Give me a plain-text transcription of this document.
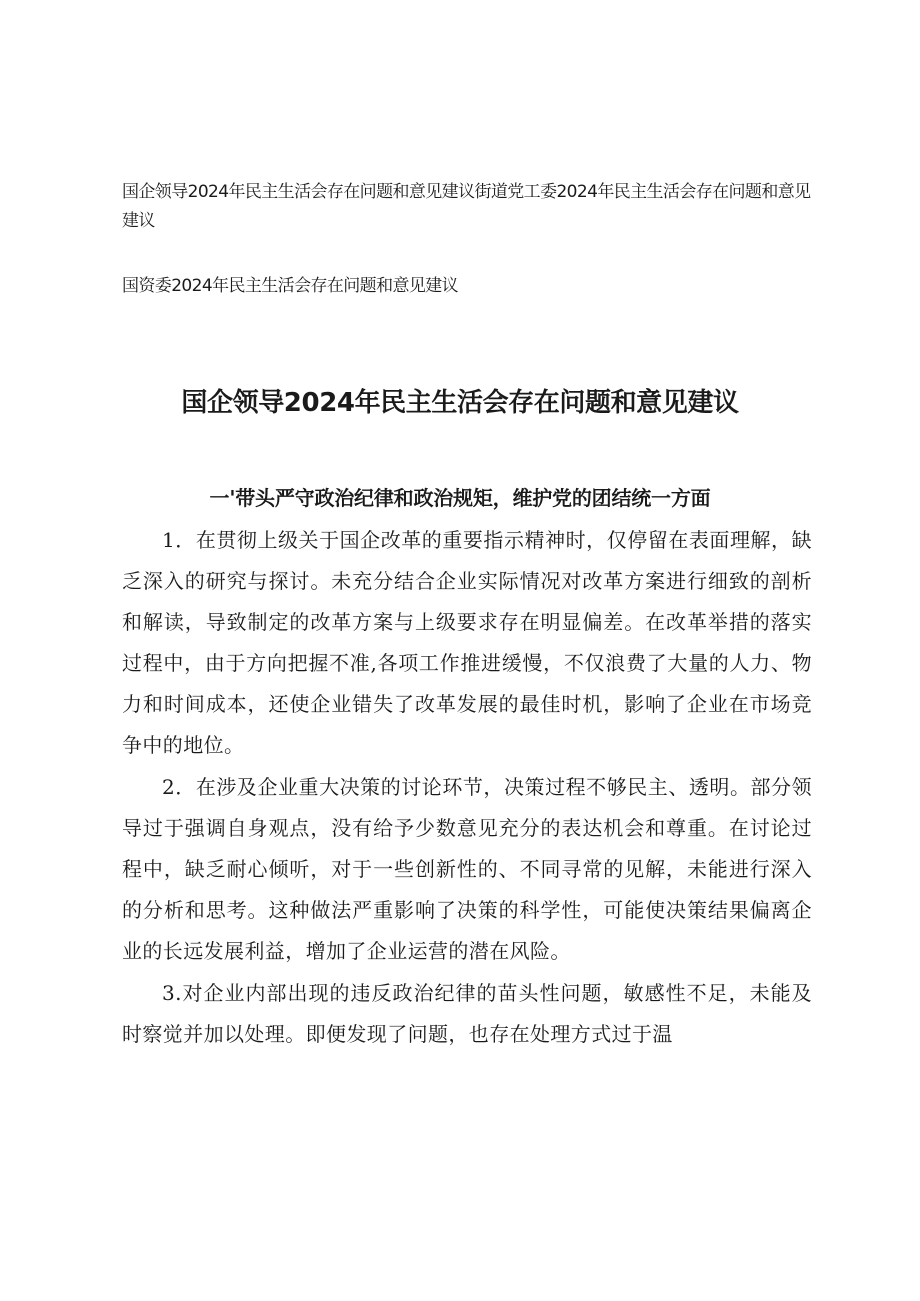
国企领导2024年民主生活会存在问题和意见建议街道党工委2024年民主生活会存在问题和意见建议
国资委2024年民主生活会存在问题和意见建议
国企领导2024年民主生活会存在问题和意见建议
一'带头严守政治纪律和政治规矩，维护党的团结统一方面

1．在贯彻上级关于国企改革的重要指示精神时，仅停留在表面理解，缺乏深入的研究与探讨。未充分结合企业实际情况对改革方案进行细致的剖析和解读，导致制定的改革方案与上级要求存在明显偏差。在改革举措的落实过程中，由于方向把握不准,各项工作推进缓慢，不仅浪费了大量的人力、物力和时间成本，还使企业错失了改革发展的最佳时机，影响了企业在市场竞争中的地位。

2．在涉及企业重大决策的讨论环节，决策过程不够民主、透明。部分领导过于强调自身观点，没有给予少数意见充分的表达机会和尊重。在讨论过程中，缺乏耐心倾听，对于一些创新性的、不同寻常的见解，未能进行深入的分析和思考。这种做法严重影响了决策的科学性，可能使决策结果偏离企业的长远发展利益，增加了企业运营的潜在风险。

3.对企业内部出现的违反政治纪律的苗头性问题，敏感性不足，未能及时察觉并加以处理。即便发现了问题，也存在处理方式过于温
